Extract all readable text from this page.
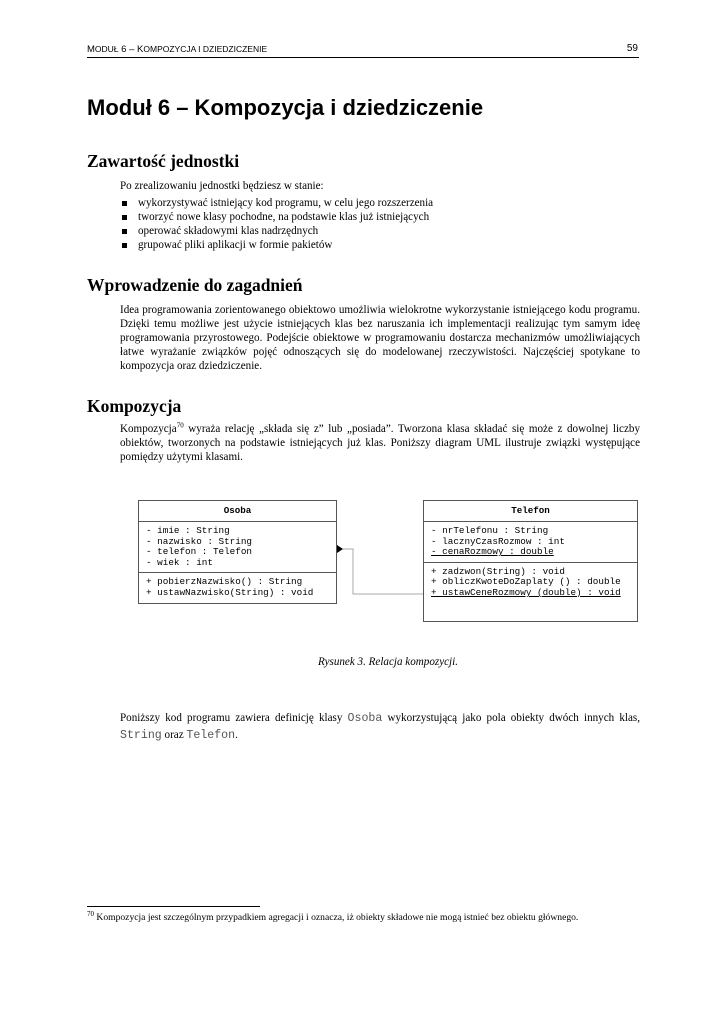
MODUŁ 6 – KOMPOZYCJA I DZIEDZICZENIE	59
Moduł 6 – Kompozycja i dziedziczenie
Zawartość jednostki
Po zrealizowaniu jednostki będziesz w stanie:
wykorzystywać istniejący kod programu, w celu jego rozszerzenia
tworzyć nowe klasy pochodne, na podstawie klas już istniejących
operować składowymi klas nadrzędnych
grupować pliki aplikacji w formie pakietów
Wprowadzenie do zagadnień
Idea programowania zorientowanego obiektowo umożliwia wielokrotne wykorzystanie istniejącego kodu programu. Dzięki temu możliwe jest użycie istniejących klas bez naruszania ich implementacji realizując tym samym ideę programowania przyrostowego. Podejście obiektowe w programowaniu dostarcza mechanizmów umożliwiających łatwe wyrażanie związków pojęć odnoszących się do modelowanej rzeczywistości. Najczęściej spotykane to kompozycja oraz dziedziczenie.
Kompozycja
Kompozycja$^{70}$ wyraża relację „składa się z” lub „posiada”. Tworzona klasa składać się może z dowolnej liczby obiektów, tworzonych na podstawie istniejących już klas. Poniższy diagram UML ilustruje związki występujące pomiędzy użytymi klasami.
Osoba
- imie : String
- nazwisko : String
- telefon : Telefon
- wiek : int
+ pobierzNazwisko() : String
+ ustawNazwisko(String) : void
Telefon
- nrTelefonu : String
- lacznyCzasRozmow : int
- cenaRozmowy : double
+ zadzwon(String) : void
+ obliczKwoteDoZaplaty () : double
+ ustawCeneRozmowy (double) : void
Rysunek 3. Relacja kompozycji.
Poniższy kod programu zawiera definicję klasy Osoba wykorzystującą jako pola obiekty dwóch innych klas, String oraz Telefon.
$^{70}$ Kompozycja jest szczególnym przypadkiem agregacji i oznacza, iż obiekty składowe nie mogą istnieć bez obiektu głównego.
